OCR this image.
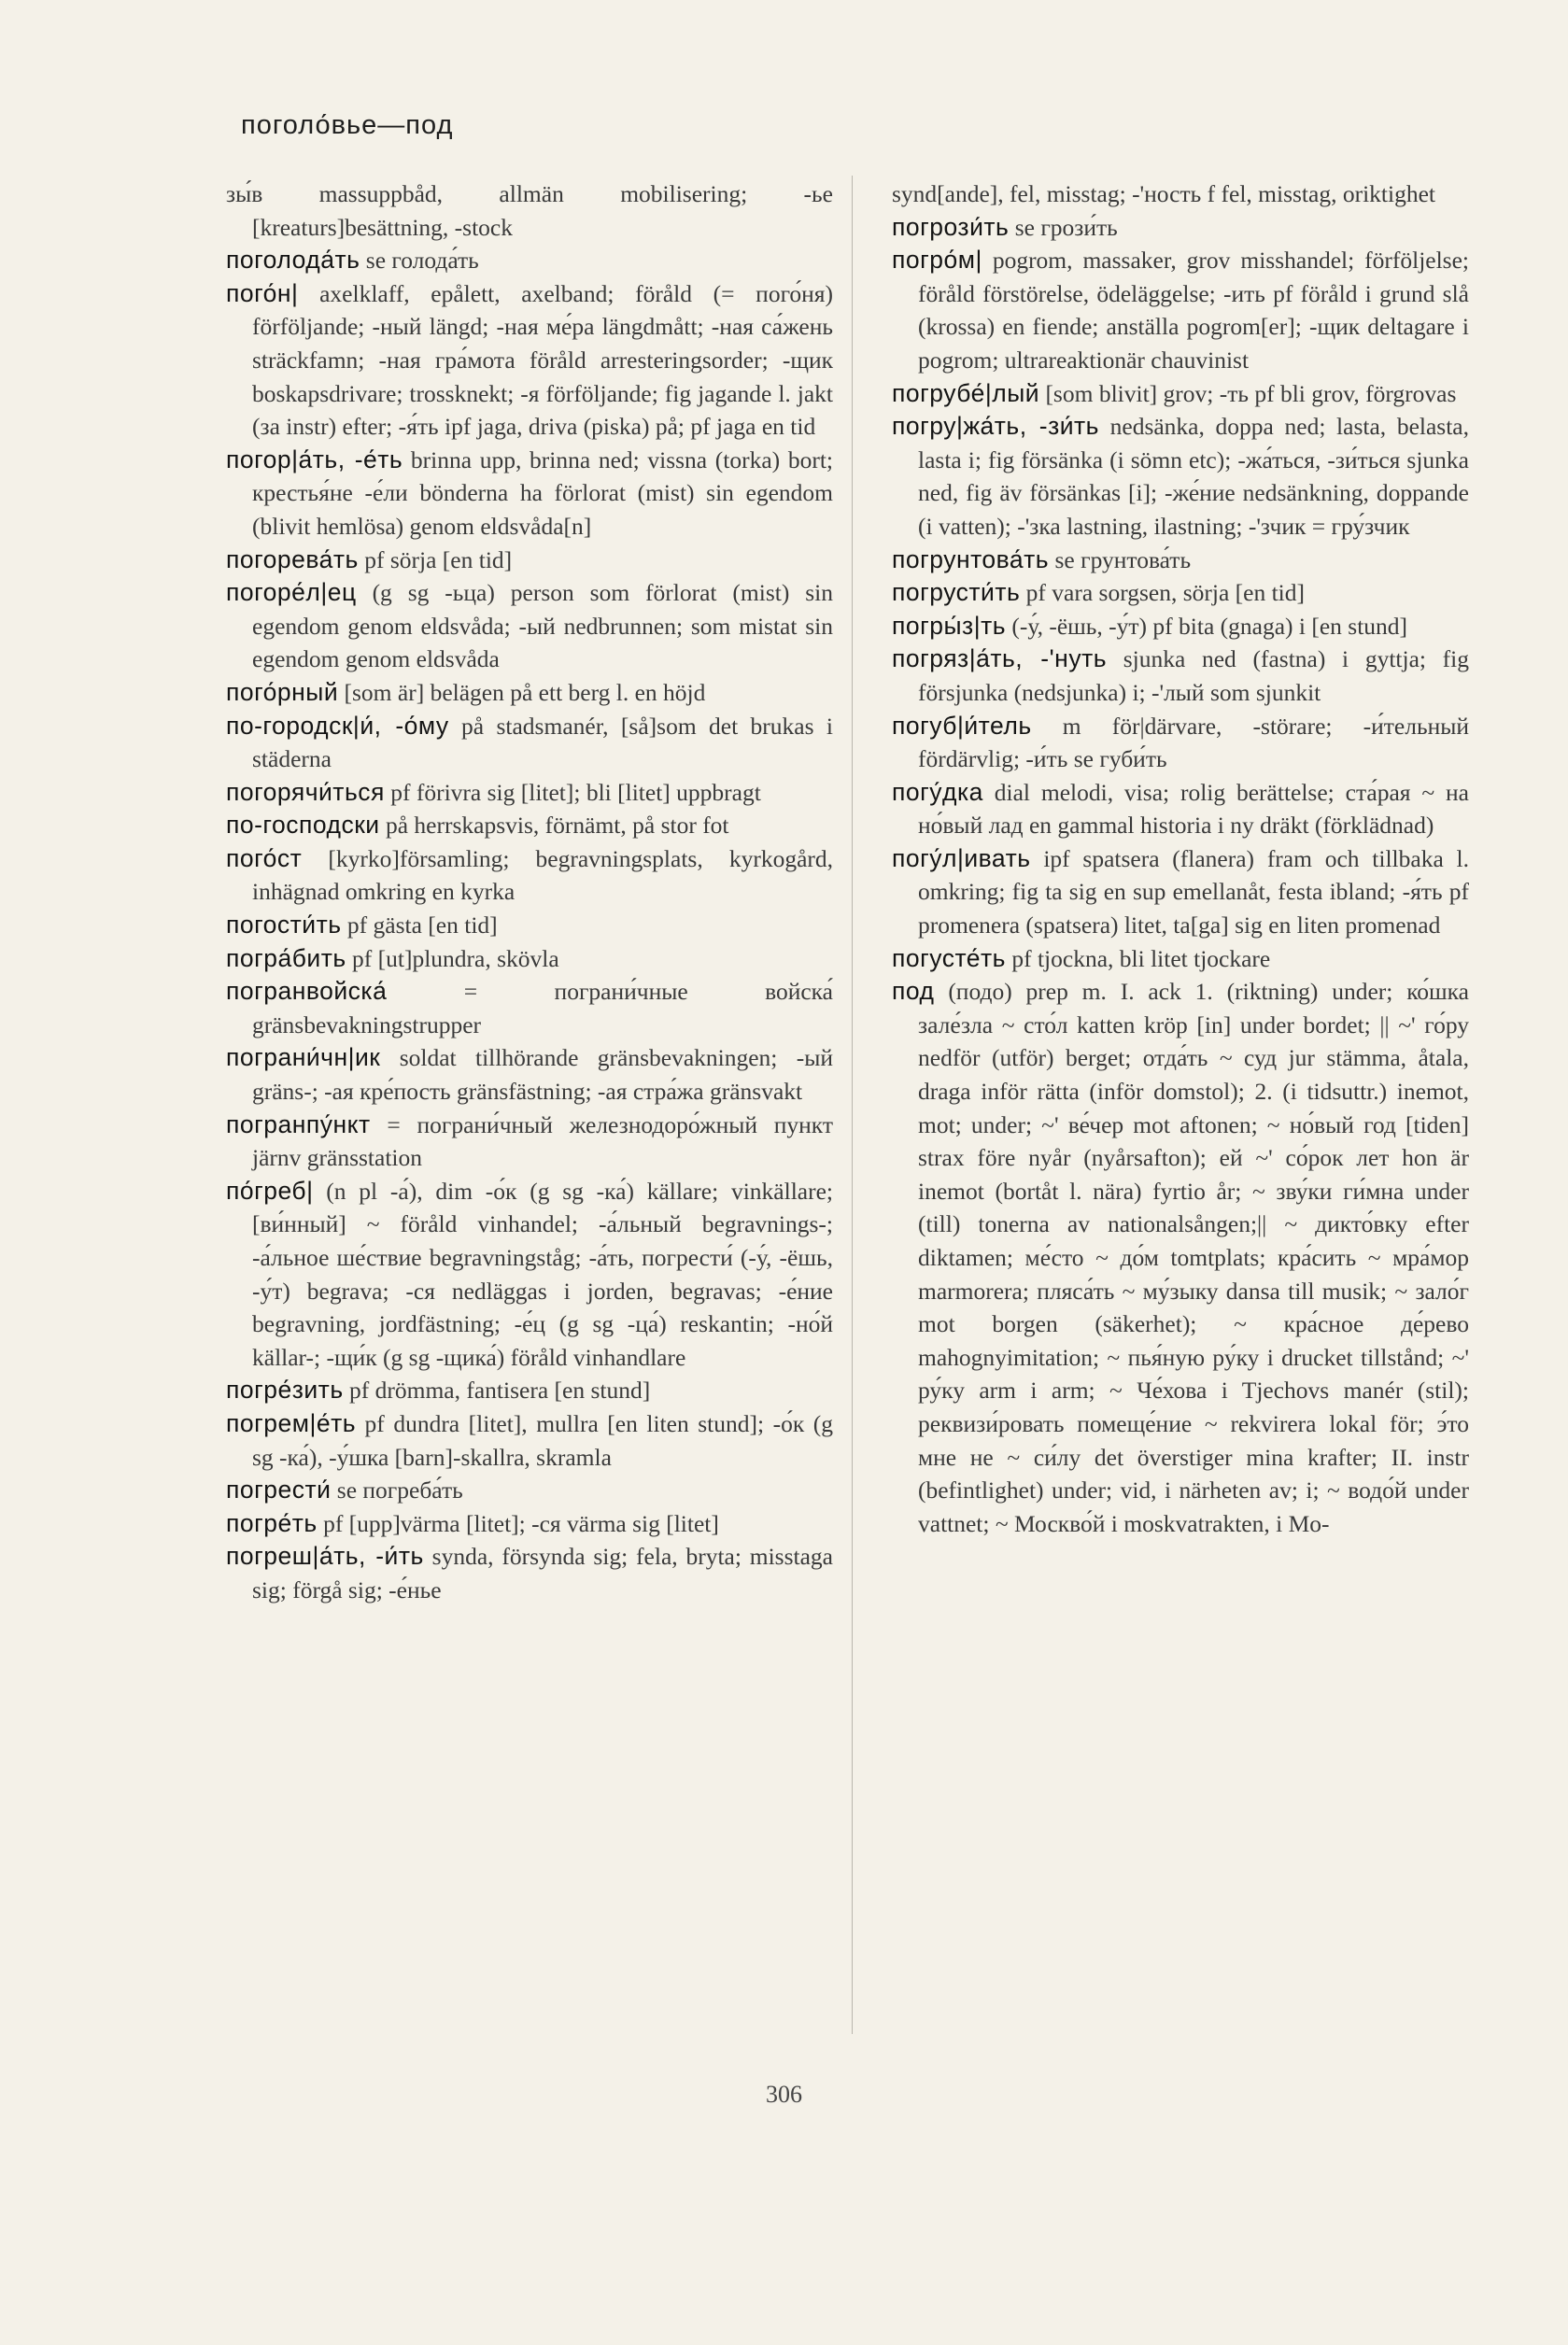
поголо́вье—под

зы́в massuppbåd, allmän mobilisering; -ье [kreaturs]besättning, -stock

поголода́ть se голода́ть

пого́н| axelklaff, epålett, axelband; föråld (= пого́ня) förföljande; -ный längd; -ная ме́ра längdmått; -ная са́жень sträckfamn; -ная гра́мота föråld arresteringsorder; -щик boskapsdrivare; trossknekt; -я förföljande; fig jagande l. jakt (за instr) efter; -я́ть ipf jaga, driva (piska) på; pf jaga en tid

погор|а́ть, -е́ть brinna upp, brinna ned; vissna (torka) bort; крестья́не -е́ли bönderna ha förlorat (mist) sin egendom (blivit hemlösa) genom eldsvåda[n]

погорева́ть pf sörja [en tid]

погоре́л|ец (g sg -ьца) person som förlorat (mist) sin egendom genom eldsvåda; -ый nedbrunnen; som mistat sin egendom genom eldsvåda

пого́рный [som är] belägen på ett berg l. en höjd

по-городск|и́, -о́му på stadsmanér, [så]som det brukas i städerna

погорячи́ться pf förivra sig [litet]; bli [litet] uppbragt

по-господски på herrskapsvis, förnämt, på stor fot

пого́ст [kyrko]församling; begravningsplats, kyrkogård, inhägnad omkring en kyrka

погости́ть pf gästa [en tid]

погра́бить pf [ut]plundra, skövla

погранвойска́	= пограни́чные войска́ gränsbevakningstrupper

пограни́чн|ик soldat tillhörande gränsbevakningen; -ый gräns-; -ая кре́пость gränsfästning; -ая стра́жа gränsvakt

погранпу́нкт = пограни́чный железнодоро́жный пункт järnv gränsstation

по́греб| (n pl -а́), dim -о́к (g sg -ка́) källare; vinkällare; [ви́нный] ~ föråld vinhandel; -а́льный begravnings-; -а́льное ше́ствие begravningståg; -а́ть, погрести́ (-у́, -ёшь, -у́т) begrava; -ся nedläggas i jorden, begravas; -е́ние begravning, jordfästning; -е́ц (g sg -ца́) reskantin; -но́й källar-; -щи́к (g sg -щика́) föråld vinhandlare

погре́зить pf drömma, fantisera [en stund]

погрем|е́ть pf dundra [litet], mullra [en liten stund]; -о́к (g sg -ка́), -у́шка [barn]-skallra, skramla

погрести́ se погреба́ть

погре́ть pf [upp]värma [litet]; -ся värma sig [litet]

погреш|а́ть, -и́ть synda, försynda sig; fela, bryta; misstaga sig; förgå sig; -е́нье

synd[ande], fel, misstag; -'ность f fel, misstag, oriktighet

погрози́ть se грози́ть

погро́м| pogrom, massaker, grov misshandel; förföljelse; föråld förstörelse, ödeläggelse; -ить pf föråld i grund slå (krossa) en fiende; anställa pogrom[er]; -щик deltagare i pogrom; ultrareaktionär chauvinist

погрубе́|лый [som blivit] grov; -ть pf bli grov, förgrovas

погру|жа́ть, -зи́ть nedsänka, doppa ned; lasta, belasta, lasta i; fig försänka (i sömn etc); -жа́ться, -зи́ться sjunka ned, fig äv försänkas [i]; -же́ние nedsänkning, doppande (i vatten); -'зка lastning, ilastning; -'зчик = гру́зчик

погрунтова́ть se грунтова́ть

погрусти́ть pf vara sorgsen, sörja [en tid]

погры́з|ть (-у́, -ёшь, -у́т) pf bita (gnaga) i [en stund]

погряз|а́ть, -'нуть sjunka ned (fastna) i gyttja; fig försjunka (nedsjunka) i; -'лый som sjunkit

погуб|и́тель m för|därvare, -störare; -и́тельный fördärvlig; -и́ть se губи́ть

погу́дка dial melodi, visa; rolig berättelse; ста́рая ~ на но́вый лад en gammal historia i ny dräkt (förklädnad)

погу́л|ивать ipf spatsera (flanera) fram och tillbaka l. omkring; fig ta sig en sup emellanåt, festa ibland; -я́ть pf promenera (spatsera) litet, ta[ga] sig en liten promenad

погусте́ть pf tjockna, bli litet tjockare

под (подо) prep m. I. ack 1. (riktning) under; ко́шка зале́зла ~ сто́л katten kröp [in] under bordet; || ~' го́ру nedför (utför) berget; отда́ть ~ суд jur stämma, åtala, draga inför rätta (inför domstol); 2. (i tidsuttr.) inemot, mot; under; ~' ве́чер mot aftonen; ~ но́вый год [tiden] strax före nyår (nyårsafton); ей ~' со́рок лет hon är inemot (bortåt l. nära) fyrtio år; ~ зву́ки ги́мна under (till) tonerna av nationalsången;|| ~ дикто́вку efter diktamen; ме́сто ~ до́м tomtplats; кра́сить ~ мра́мор marmorera; пляса́ть ~ му́зыку dansa till musik; ~ зало́г mot borgen (säkerhet); ~ кра́сное де́рево mahognyimitation; ~ пья́ную ру́ку i drucket tillstånd; ~' ру́ку arm i arm; ~ Че́хова i Tjechovs manér (stil); реквизи́ровать помеще́ние ~ rekvirera lokal för; э́то мне не ~ си́лу det överstiger mina krafter; II. instr (befintlighet) under; vid, i närheten av; i; ~ водо́й under vattnet; ~ Москво́й i moskvatrakten, i Mo-

306
